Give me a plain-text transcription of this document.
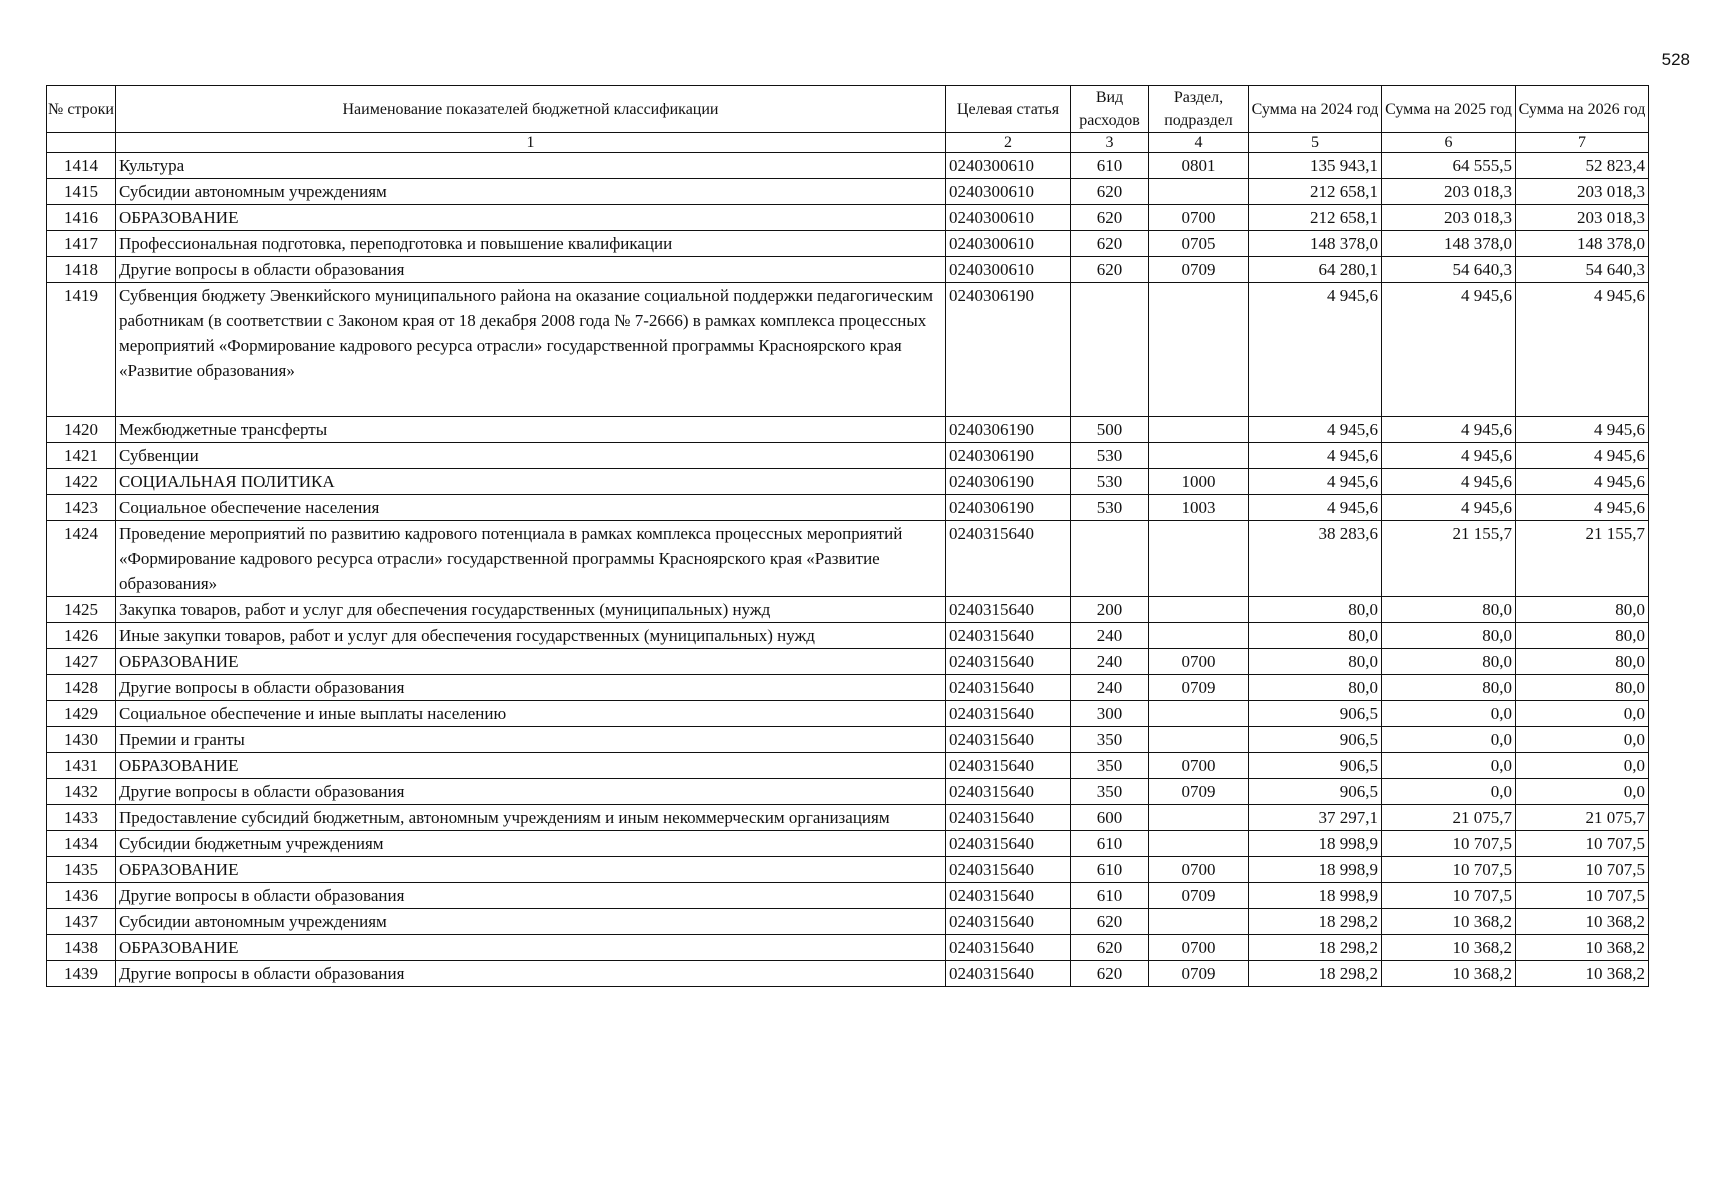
528
№ строки	Наименование показателей бюджетной классификации	Целевая статья	Вид расходов	Раздел, подраздел	Сумма на 2024 год	Сумма на 2025 год	Сумма на 2026 год
	1	2	3	4	5	6	7
1414	Культура	0240300610	610	0801	135 943,1	64 555,5	52 823,4
1415	Субсидии автономным учреждениям	0240300610	620		212 658,1	203 018,3	203 018,3
1416	ОБРАЗОВАНИЕ	0240300610	620	0700	212 658,1	203 018,3	203 018,3
1417	Профессиональная подготовка, переподготовка и повышение квалификации	0240300610	620	0705	148 378,0	148 378,0	148 378,0
1418	Другие вопросы в области образования	0240300610	620	0709	64 280,1	54 640,3	54 640,3
1419	Субвенция бюджету Эвенкийского муниципального района на оказание социальной поддержки педагогическим работникам (в соответствии с Законом края от 18 декабря 2008 года № 7-2666) в рамках комплекса процессных мероприятий «Формирование кадрового ресурса отрасли» государственной программы Красноярского края «Развитие образования»	0240306190			4 945,6	4 945,6	4 945,6
1420	Межбюджетные трансферты	0240306190	500		4 945,6	4 945,6	4 945,6
1421	Субвенции	0240306190	530		4 945,6	4 945,6	4 945,6
1422	СОЦИАЛЬНАЯ ПОЛИТИКА	0240306190	530	1000	4 945,6	4 945,6	4 945,6
1423	Социальное обеспечение населения	0240306190	530	1003	4 945,6	4 945,6	4 945,6
1424	Проведение мероприятий по развитию кадрового потенциала в рамках комплекса процессных мероприятий «Формирование кадрового ресурса отрасли» государственной программы Красноярского края «Развитие образования»	0240315640			38 283,6	21 155,7	21 155,7
1425	Закупка товаров, работ и услуг для обеспечения государственных (муниципальных) нужд	0240315640	200		80,0	80,0	80,0
1426	Иные закупки товаров, работ и услуг для обеспечения государственных (муниципальных) нужд	0240315640	240		80,0	80,0	80,0
1427	ОБРАЗОВАНИЕ	0240315640	240	0700	80,0	80,0	80,0
1428	Другие вопросы в области образования	0240315640	240	0709	80,0	80,0	80,0
1429	Социальное обеспечение и иные выплаты населению	0240315640	300		906,5	0,0	0,0
1430	Премии и гранты	0240315640	350		906,5	0,0	0,0
1431	ОБРАЗОВАНИЕ	0240315640	350	0700	906,5	0,0	0,0
1432	Другие вопросы в области образования	0240315640	350	0709	906,5	0,0	0,0
1433	Предоставление субсидий бюджетным, автономным учреждениям и иным некоммерческим организациям	0240315640	600		37 297,1	21 075,7	21 075,7
1434	Субсидии бюджетным учреждениям	0240315640	610		18 998,9	10 707,5	10 707,5
1435	ОБРАЗОВАНИЕ	0240315640	610	0700	18 998,9	10 707,5	10 707,5
1436	Другие вопросы в области образования	0240315640	610	0709	18 998,9	10 707,5	10 707,5
1437	Субсидии автономным учреждениям	0240315640	620		18 298,2	10 368,2	10 368,2
1438	ОБРАЗОВАНИЕ	0240315640	620	0700	18 298,2	10 368,2	10 368,2
1439	Другие вопросы в области образования	0240315640	620	0709	18 298,2	10 368,2	10 368,2
